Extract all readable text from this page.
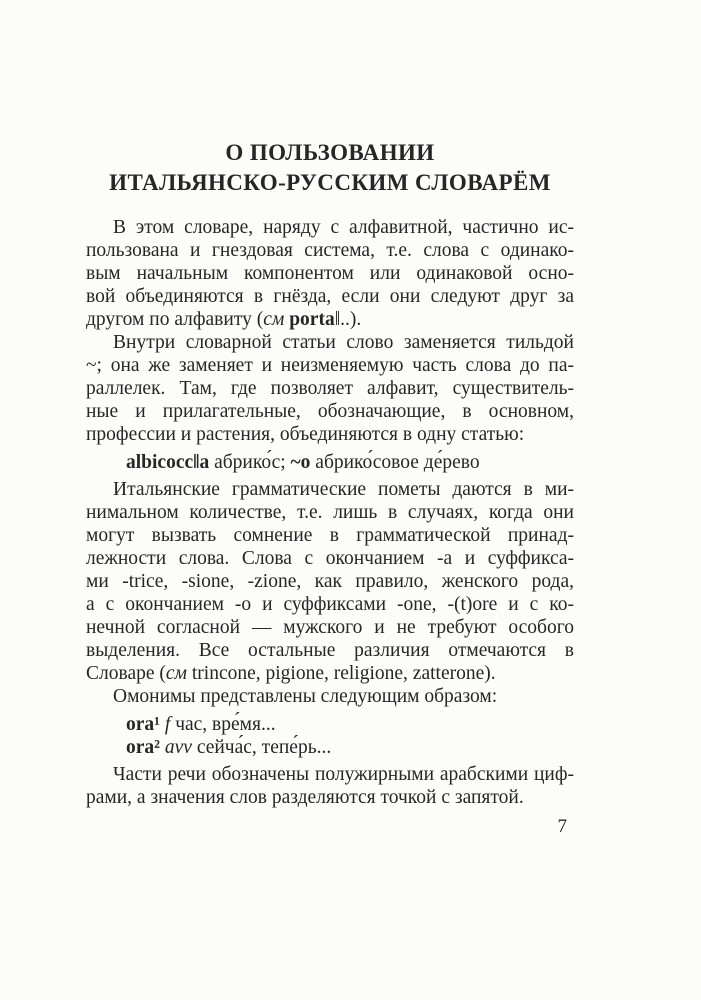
О ПОЛЬЗОВАНИИ
ИТАЛЬЯНСКО-РУССКИМ СЛОВАРЁМ
В этом словаре, наряду с алфавитной, частично ис-
пользована и гнездовая система, т.е. слова с одинако-
вым начальным компонентом или одинаковой осно-
вой объединяются в гнёзда, если они следуют друг за
другом по алфавиту (см porta‖..).
Внутри словарной статьи слово заменяется тильдой
~; она же заменяет и неизменяемую часть слова до па-
раллелек. Там, где позволяет алфавит, существитель-
ные и прилагательные, обозначающие, в основном,
профессии и растения, объединяются в одну статью:
albicocc‖a абрико́с; ~o абрико́совое де́рево
Итальянские грамматические пометы даются в ми-
нимальном количестве, т.е. лишь в случаях, когда они
могут вызвать сомнение в грамматической принад-
лежности слова. Слова с окончанием -а и суффикса-
ми -trice, -sione, -zione, как правило, женского рода,
а с окончанием -о и суффиксами -one, -(t)ore и с ко-
нечной согласной — мужского и не требуют особого
выделения. Все остальные различия отмечаются в
Словаре (см trincone, pigione, religione, zatterone).
Омонимы представлены следующим образом:
ora¹ f час, вре́мя...
ora² avv сейча́с, тепе́рь...
Части речи обозначены полужирными арабскими циф-
рами, а значения слов разделяются точкой с запятой.
7
